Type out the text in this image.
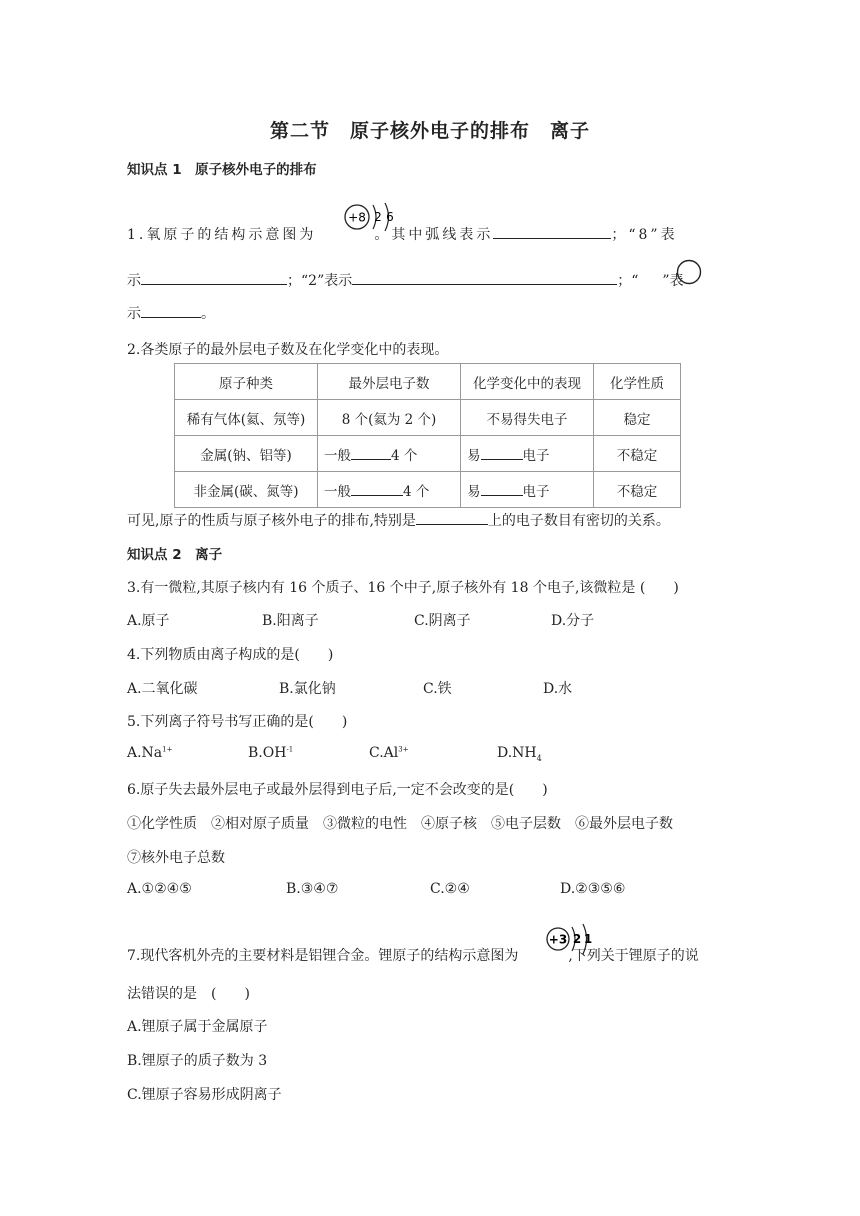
第二节　原子核外电子的排布　离子
知识点 1　原子核外电子的排布
1.氧原子的结构示意图为	。其中弧线表示	；“8”表
+8 2 6
示	；“2”表示	；“ ”表
示	。
2.各类原子的最外层电子数及在化学变化中的表现。
原子种类	最外层电子数	化学变化中的表现	化学性质
稀有气体(氦、氖等)	8 个(氦为 2 个)	不易得失电子	稳定
金属(钠、铝等)	一般 4 个	易 电子	不稳定
非金属(碳、氮等)	一般 4 个	易 电子	不稳定
可见,原子的性质与原子核外电子的排布,特别是	上的电子数目有密切的关系。
知识点 2　离子
3.有一微粒,其原子核内有 16 个质子、16 个中子,原子核外有 18 个电子,该微粒是 (　　)
A.原子	B.阳离子	C.阴离子	D.分子
4.下列物质由离子构成的是(　　)
A.二氧化碳	B.氯化钠	C.铁	D.水
5.下列离子符号书写正确的是(　　)
$A.Na^{1+}$	$B.OH^{-1}$	$C.Al^{3+}$	$D.NH_4$
6.原子失去最外层电子或最外层得到电子后,一定不会改变的是(　　)
①化学性质　②相对原子质量　③微粒的电性　④原子核　⑤电子层数　⑥最外层电子数
⑦核外电子总数
A.①②④⑤	B.③④⑦	C.②④	D.②③⑤⑥
7.现代客机外壳的主要材料是铝锂合金。锂原子的结构示意图为	,下列关于锂原子的说
+3 2 1
法错误的是　(　　)
A.锂原子属于金属原子
B.锂原子的质子数为 3
C.锂原子容易形成阴离子
